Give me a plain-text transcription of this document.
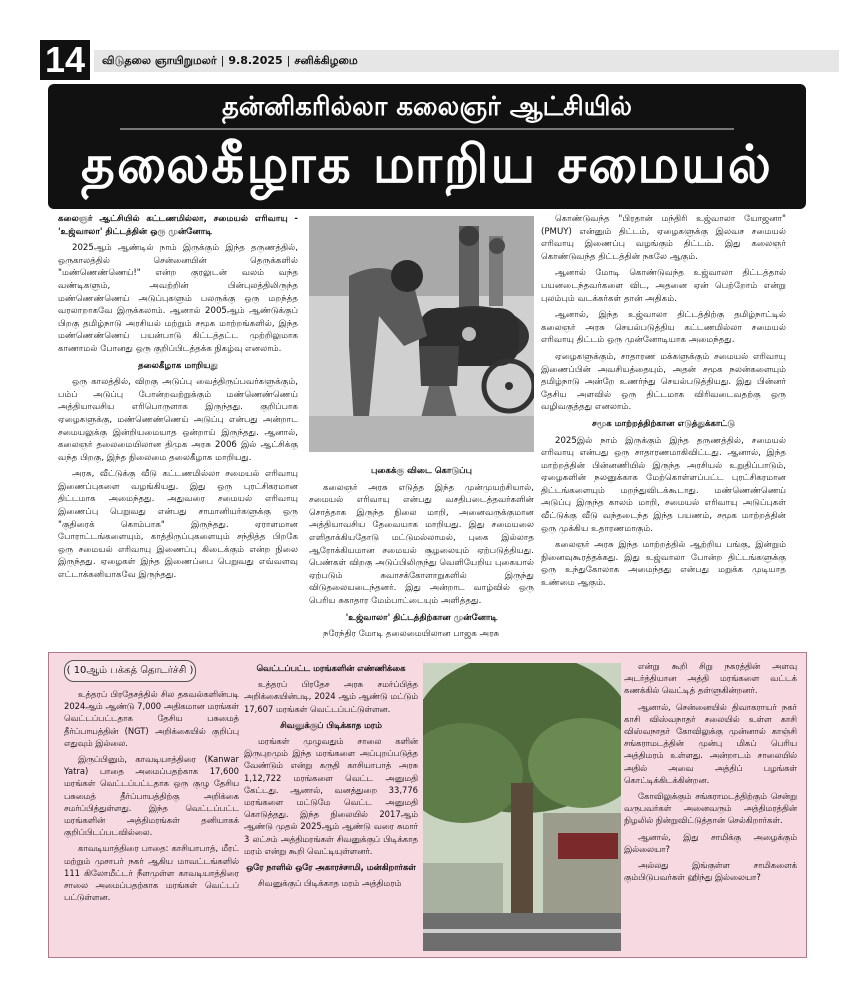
14	விடுதலை ஞாயிறுமலர் | 9.8.2025 | சனிக்கிழமை
தன்னிகரில்லா கலைஞர் ஆட்சியில்
தலைகீழாக மாறிய சமையல்

கலைஞர் ஆட்சியில் கட்டணமில்லா, சமையல் எரிவாயு - 'உஜ்வாலா' திட்டத்தின் ஒரு முன்னோடி

2025ஆம் ஆண்டில் நாம் இருக்கும் இந்த தருணத்தில், ஒருகாலத்தில் சென்னையின் தெருக்களில் "மண்ணெண்ணெய்!" என்ற குரலுடன் வலம் வந்த வண்டிகளும், அவற்றின் பின்புலத்திலிருந்த மண்ணெண்ணெய் அடுப்புகளும் பலருக்கு ஒரு மறந்த்த வரலாறாகவே இருக்கலாம். ஆனால் 2005ஆம் ஆண்டுக்குப் பிறகு தமிழ்நாடு அரசியல் மற்றும் சமூக மாற்றங்களில், இந்த மண்ணெண்ணெய் பயன்பாடு கிட்டத்தட்ட முற்றிலுமாக காணாமல் போனது ஒரு குறிப்பிடத்தக்க நிகழ்வு எனலாம்.

தலைகீழாக மாறியது

ஒரு காலத்தில், விறகு அடுப்பு வைத்திருப்பவர்களுக்கும், பம்ப் அடுப்பு போன்றவற்றுக்கும் மண்ணெண்ணெய் அத்தியாவசிய எரிபொருளாக இருந்தது. குறிப்பாக ஏழைகளுக்கு, மண்ணெண்ணெய் அடுப்பு என்பது அன்றாட சமையலுக்கு இன்றியமையாத ஒன்றாய் இருந்தது. ஆனால், கலைஞர் தலைமையிலான திமுக அரசு 2006 இல் ஆட்சிக்கு வந்த பிறகு, இந்த நிலைமை தலைகீழாக மாறியது.

அரசு, வீட்டுக்கு வீடு கட்டணமில்லா சமையல் எரிவாயு இணைப்புகளை வழங்கியது. இது ஒரு புரட்சிகரமான திட்டமாக அமைந்தது. அதுவரை சமையல் எரிவாயு இணைப்பு பெறுவது என்பது சாமானியர்களுக்கு ஒரு "குதிரைக் கொம்பாக" இருந்தது. ஏராளமான போராட்டங்களையும், காத்திருப்புகளையும் சந்தித்த பிறகே ஒரு சமையல் எரிவாயு இணைப்பு கிடைக்கும் என்ற நிலை இருந்தது. ஏழைகள் இந்த இணைப்பை பெறுவது எவ்வளவு எட்டாக்கனியாகவே இருந்தது.

புகைக்கு விடை கொடுப்பு

கலைஞர் அரசு எடுத்த இந்த முன்முயற்சியால், சமையல் எரிவாயு என்பது வசதிபடைத்தவர்களின் சொத்தாக இருந்த நிலை மாறி, அனைவருக்குமான அத்தியாவசிய தேவையாக மாறியது. இது சமையலை எளிதாக்கியதோடு மட்டுமல்லாமல், புகை இல்லாத ஆரோக்கியமான சமையல் சூழலையும் ஏற்படுத்தியது. பெண்கள் விறகு அடுப்பிலிருந்து வெளியேறிய புகையால் ஏற்படும் சுவாசக்கோளாறுகளில் இருந்து விடுதலையடைந்தனர். இது அன்றாட வாழ்வில் ஒரு பெரிய சுகாதார மேம்பாட்டையும் அளித்தது.

'உஜ்வாலா' திட்டத்திற்கான முன்னோடி

நரேந்திர மோடி தலைமையிலான பாஜக அரசு

கொண்டுவந்த "பிரதான் மந்திரி உஜ்வாலா யோஜனா" (PMUY) என்னும் திட்டம், ஏழைகளுக்கு இலவச சமையல் எரிவாயு இணைப்பு வழங்கும் திட்டம். இது கலைஞர் கொண்டுவந்த திட்டத்தின் நகலே ஆகும்.

ஆனால் மோடி கொண்டுவந்த உஜ்வாலா திட்டத்தால் பயனடைந்தவர்களை விட, அதனை ஏன் பெற்றோம் என்று புலம்பும் வடக்கர்கள் தான் அதிகம்.

ஆனால், இந்த உஜ்வாலா திட்டத்திற்கு தமிழ்நாட்டில் கலைஞர் அரசு செயல்படுத்திய கட்டணமில்லா சமையல் எரிவாயு திட்டம் ஒரு முன்னோடியாக அமைந்தது.

ஏழைகளுக்கும், சாதாரண மக்களுக்கும் சமையல் எரிவாயு இணைப்பின் அவசியத்தையும், அதன் சமூக நலன்களையும் தமிழ்நாடு அன்றே உணர்ந்து செயல்படுத்தியது. இது பின்னர் தேசிய அளவில் ஒரு திட்டமாக விரிவடைவதற்கு ஒரு வழிவகுத்தது எனலாம்.

சமூக மாற்றத்திற்கான எடுத்துக்காட்டு

2025இல் நாம் இருக்கும் இந்த தருணத்தில், சமையல் எரிவாயு என்பது ஒரு சாதாரணமாகிவிட்டது. ஆனால், இந்த மாற்றத்தின் பின்னணியில் இருந்த அரசியல் உறுதிப்பாடும், ஏழைகளின் நலனுக்காக மேற்கொள்ளப்பட்ட புரட்சிகரமான திட்டங்களையும் மறந்துவிடக்கூடாது. மண்ணெண்ணெய் அடுப்பு இருந்த காலம் மாறி, சமையல் எரிவாயு அடுப்புகள் வீட்டுக்கு வீடு வந்தடைந்த இந்த பயணம், சமூக மாற்றத்தின் ஒரு முக்கிய உதாரணமாகும்.

கலைஞர் அரசு இந்த மாற்றத்தில் ஆற்றிய பங்கு, இன்றும் நினைவுகூரத்தக்கது. இது உஜ்வாலா போன்ற திட்டங்களுக்கு ஒரு உந்துகோலாக அமைந்தது என்பது மறுக்க முடியாத உண்மை ஆகும்.

( 10ஆம் பக்கத் தொடர்ச்சி )

உத்தரப் பிரதேசத்தில் சில தகவல்களின்படி 2024ஆம் ஆண்டு 7,000 அதிகமான மரங்கள் வெட்டப்பட்டதாக தேசிய பசுமைத் தீர்ப்பாயத்தின் (NGT) அறிக்கையில் குறிப்பு எதுவும் இல்லை.

இருப்பினும், காவடியாத்திரை (Kanwar Yatra) பாதை அமைப்பதற்காக 17,600 மரங்கள் வெட்டப்பட்டதாக ஒரு குழு தேசிய பசுமைத் தீர்ப்பாயத்திற்கு அறிக்கை சமர்ப்பித்துள்ளது. இந்த வெட்டப்பட்ட மரங்களின் அத்திமரங்கள் தனியாகக் குறிப்பிடப்படவில்லை.

காவடியாத்திரை பாதை: காசியாபாத், மீரட் மற்றும் முசாபர் நகர் ஆகிய மாவட்டங்களில் 111 கிலோமீட்டர் நீளமுள்ள காவடியாத்திரை சாலை அமைப்பதற்காக மரங்கள் வெட்டப் பட்டுள்ளன.

வெட்டப்பட்ட மரங்களின் எண்ணிக்கை

உத்தரப் பிரதேச அரசு சமர்ப்பித்த அறிக்கையின்படி, 2024 ஆம் ஆண்டு மட்டும் 17,607 மரங்கள் வெட்டப்பட்டுள்ளன.

சிவனுக்குப் பிடிக்காத மரம்

மரங்கள் முழுவதும் சாலை களின் இருபுறமும் இந்த மரங்களை அப்புறப்படுத்த வேண்டும் என்று கருதி காசியாபாத் அரசு 1,12,722 மரங்களை வெட்ட அனுமதி கேட்டது. ஆனால், வனத்துறை 33,776 மரங்களை மட்டுமே வெட்ட அனுமதி கொடுத்தது. இந்த நிலையில் 2017ஆம் ஆண்டு முதல் 2025ஆம் ஆண்டு வரை சுமார் 3 லட்சம் அத்திமரங்கள் சிவனுக்குப் பிடிக்காத மரம் என்று கூறி வெட்டியுள்ளனர்.

ஒரே நாளில் ஒரே அகாரச்சாமி, மன்கிறார்கள்

சிவனுக்குப் பிடிக்காத மரம் அத்திமரம்

என்று கூறி சிறு நகரத்தின் அளவு அடர்த்தியான அத்தி மரங்களை வட்டக் கணக்கில் வெட்டித் தள்ளுகின்றனர்.

ஆனால், சென்னையில் திவாகராயர் நகர் காசி விஸ்வநாதர் சலையில் உள்ள காசி விஸ்வநாதர் கோவிலுக்கு முன்னால் காஞ்சி சங்கராமடத்தின் முன்பு மிகப் பெரிய அத்திமரம் உள்ளது. அன்றாடம் சாலையில் அதில் அவை அத்திப் பழங்கள் கொட்டிக்கிடக்கின்றன.

கோவிலுக்கும் சங்கராமடத்திற்கும் சென்று வருபவர்கள் அனைவரும் அத்திமரத்தின் நிழலில் நின்றுவிட்டுத்தான் செல்கிறார்கள்.

ஆனால், இது சாமிக்கு அழைக்கும் இல்லையா?

அல்லது இங்குள்ள சாமிகளைக் கும்பிடுபவர்கள் ஹிந்து இல்லையா?
